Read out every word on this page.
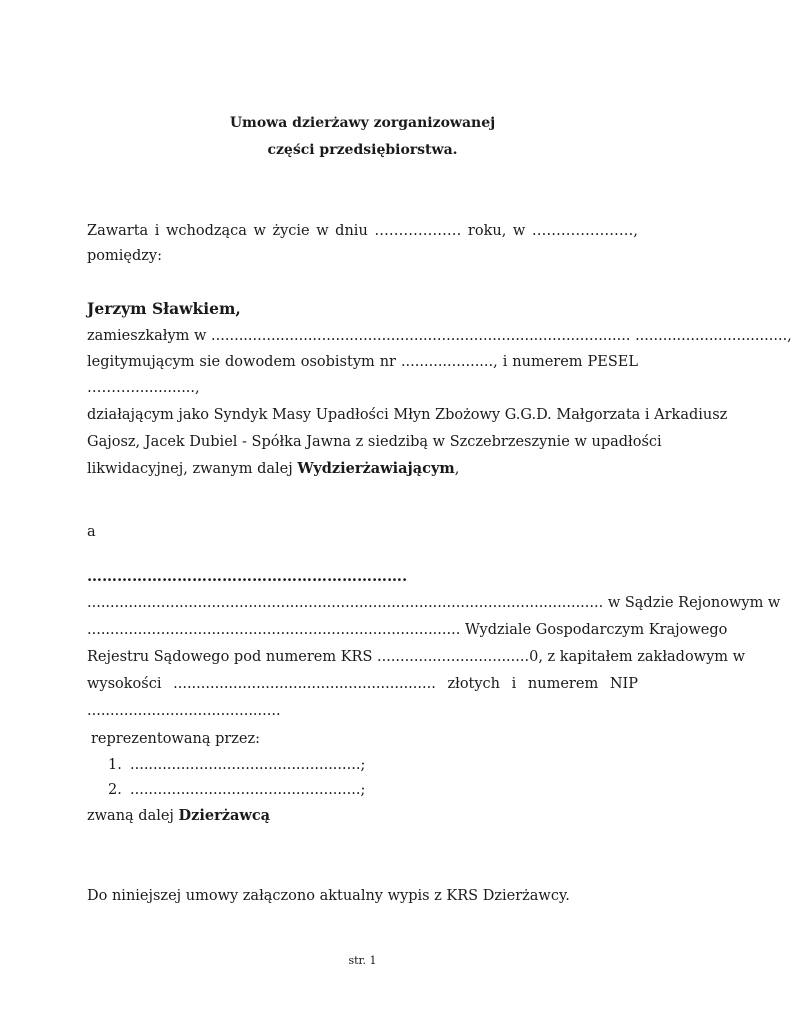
Umowa dzierżawy zorganizowanej
części przedsiębiorstwa.
Zawarta i wchodząca w życie w dniu ……………… roku, w …………………,
pomiędzy:
Jerzym Sławkiem,
zamieszkałym w ........................................................................................... .................................,
legitymującym sie dowodem osobistym nr ...................., i numerem PESEL
………..............,
działającym jako Syndyk Masy Upadłości Młyn Zbożowy G.G.D. Małgorzata i Arkadiusz
Gajosz, Jacek Dubiel - Spółka Jawna z siedzibą w Szczebrzeszynie w upadłości
likwidacyjnej, zwanym dalej Wydzierżawiającym,
a
……………………………………………………….
................................................................................................................ w Sądzie Rejonowym w
................................................................................. Wydziale Gospodarczym Krajowego
Rejestru Sądowego pod numerem KRS .................................0, z kapitałem zakładowym w
wysokości ......................................................... złotych i numerem NIP
..........................................
reprezentowaną przez:
1. ..................................................;
2. ..................................................;
zwaną dalej Dzierżawcą
Do niniejszej umowy załączono aktualny wypis z KRS Dzierżawcy.
str. 1
